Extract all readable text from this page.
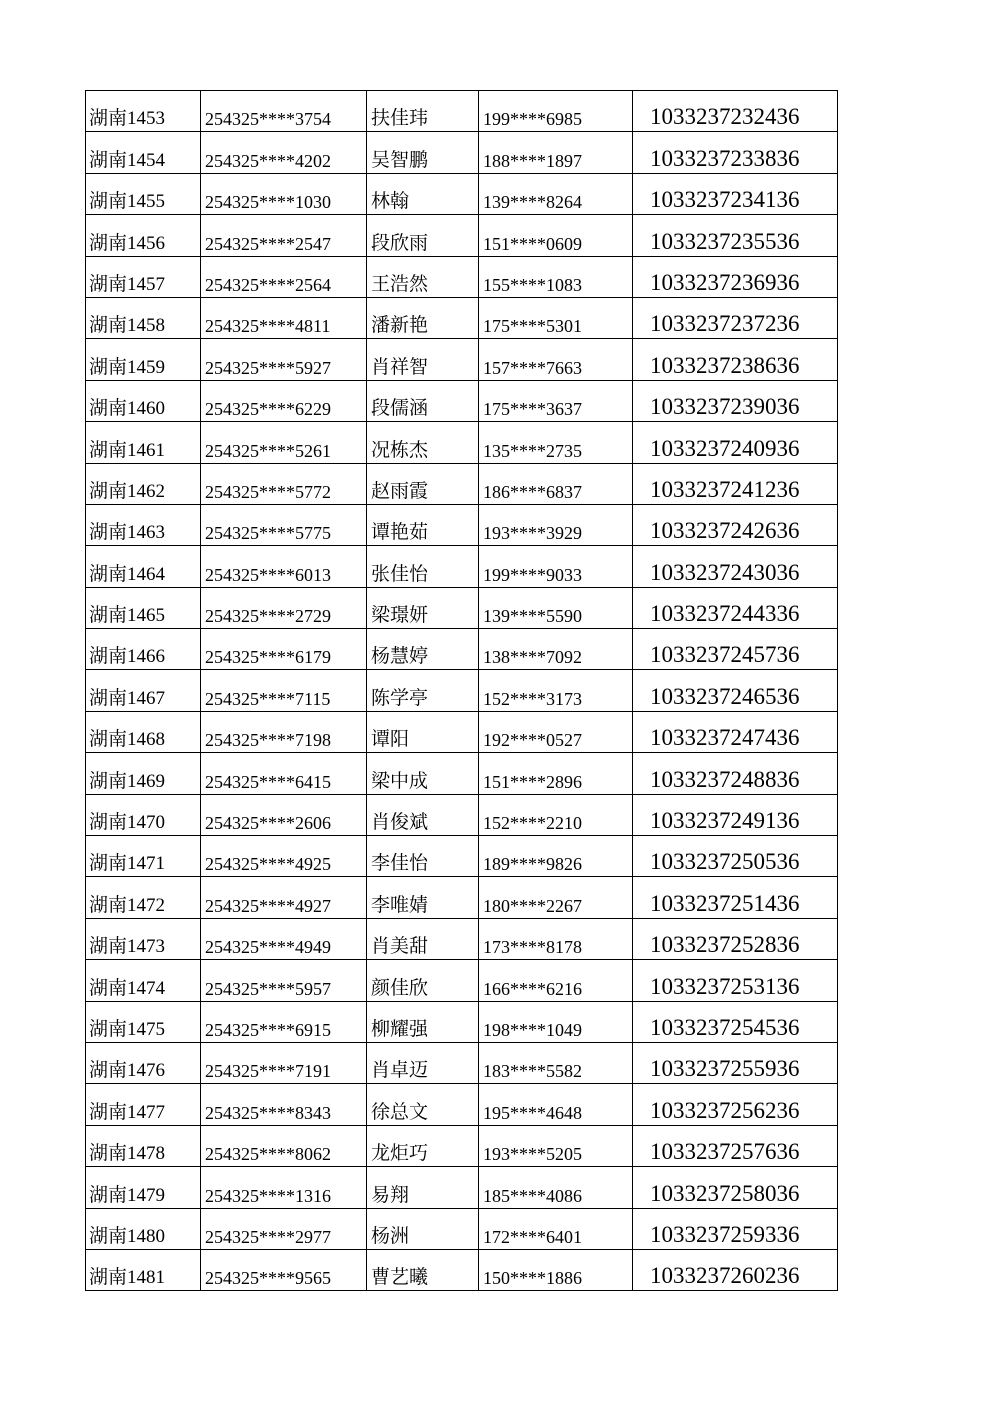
湖南1453	254325****3754	扶佳玮	199****6985	1033237232436
湖南1454	254325****4202	吴智鹏	188****1897	1033237233836
湖南1455	254325****1030	林翰	139****8264	1033237234136
湖南1456	254325****2547	段欣雨	151****0609	1033237235536
湖南1457	254325****2564	王浩然	155****1083	1033237236936
湖南1458	254325****4811	潘新艳	175****5301	1033237237236
湖南1459	254325****5927	肖祥智	157****7663	1033237238636
湖南1460	254325****6229	段儒涵	175****3637	1033237239036
湖南1461	254325****5261	况栋杰	135****2735	1033237240936
湖南1462	254325****5772	赵雨霞	186****6837	1033237241236
湖南1463	254325****5775	谭艳茹	193****3929	1033237242636
湖南1464	254325****6013	张佳怡	199****9033	1033237243036
湖南1465	254325****2729	梁璟妍	139****5590	1033237244336
湖南1466	254325****6179	杨慧婷	138****7092	1033237245736
湖南1467	254325****7115	陈学亭	152****3173	1033237246536
湖南1468	254325****7198	谭阳	192****0527	1033237247436
湖南1469	254325****6415	梁中成	151****2896	1033237248836
湖南1470	254325****2606	肖俊斌	152****2210	1033237249136
湖南1471	254325****4925	李佳怡	189****9826	1033237250536
湖南1472	254325****4927	李唯婧	180****2267	1033237251436
湖南1473	254325****4949	肖美甜	173****8178	1033237252836
湖南1474	254325****5957	颜佳欣	166****6216	1033237253136
湖南1475	254325****6915	柳耀强	198****1049	1033237254536
湖南1476	254325****7191	肖卓迈	183****5582	1033237255936
湖南1477	254325****8343	徐总文	195****4648	1033237256236
湖南1478	254325****8062	龙炬巧	193****5205	1033237257636
湖南1479	254325****1316	易翔	185****4086	1033237258036
湖南1480	254325****2977	杨洲	172****6401	1033237259336
湖南1481	254325****9565	曹艺曦	150****1886	1033237260236
